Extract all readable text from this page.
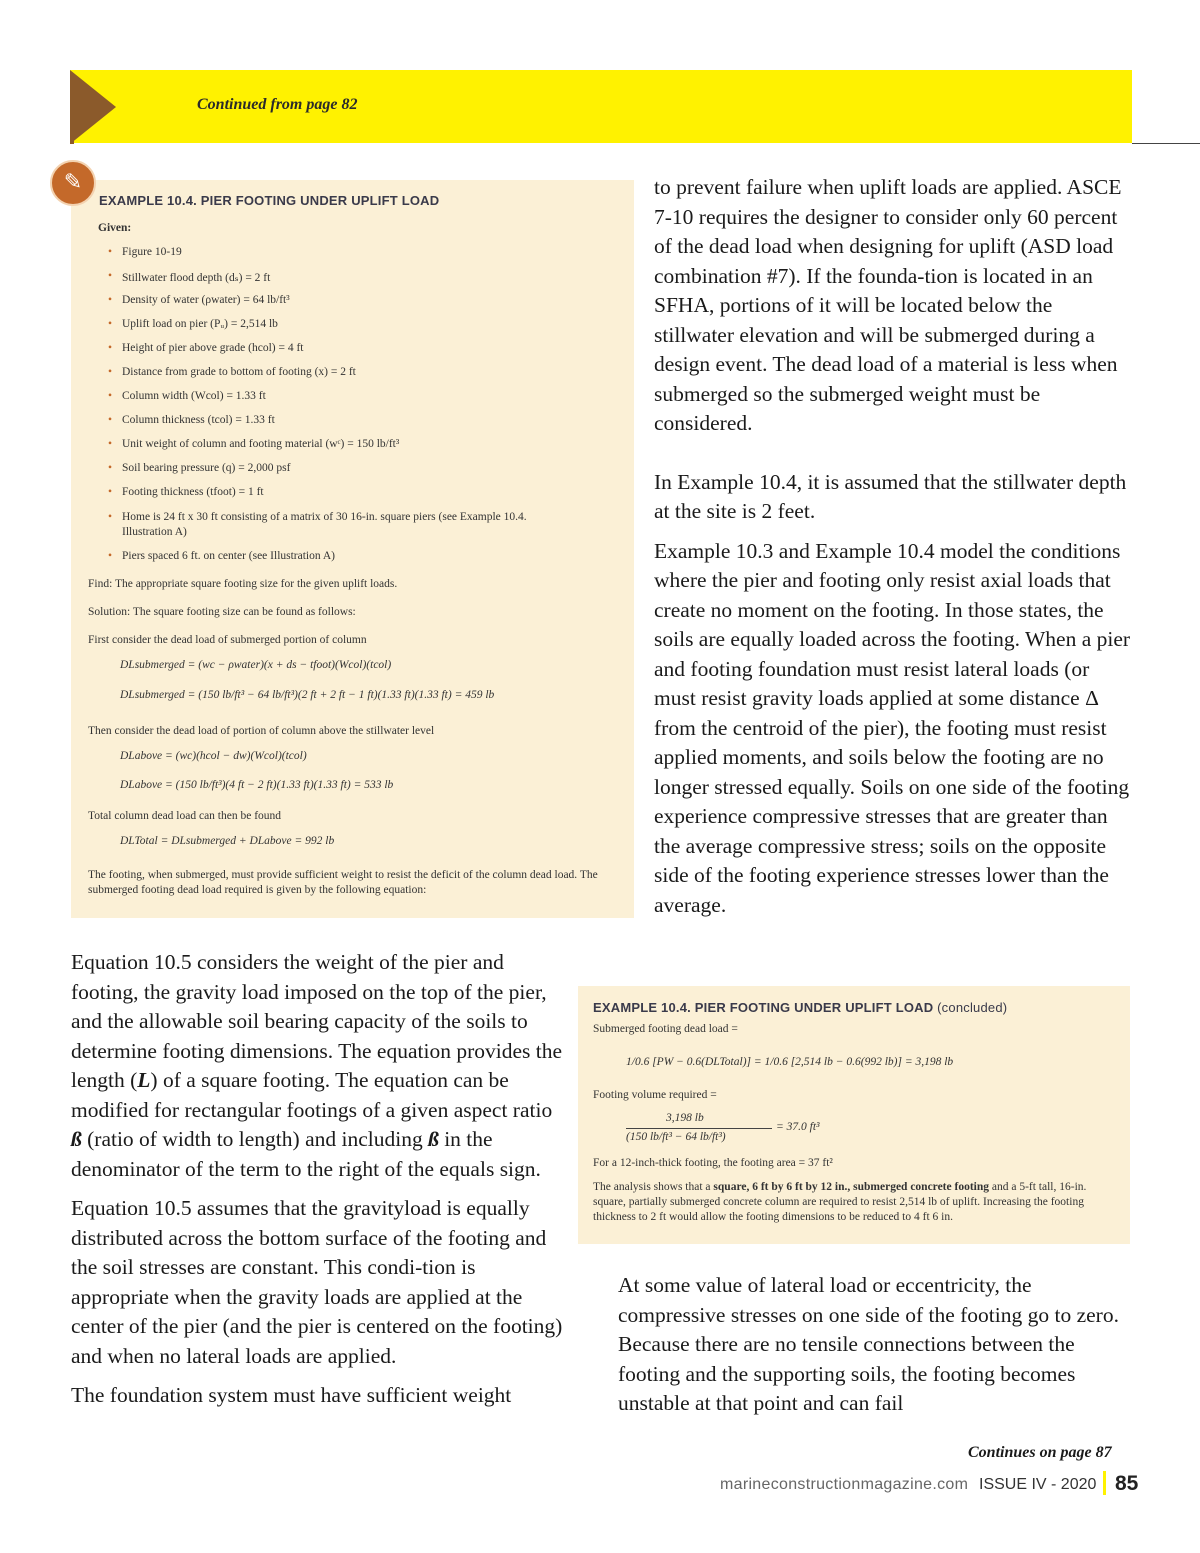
Continued from page 82
EXAMPLE 10.4. PIER FOOTING UNDER UPLIFT LOAD
Given:
• Figure 10-19
• Stillwater flood depth (dₛ) = 2 ft
• Density of water (ρwater) = 64 lb/ft³
• Uplift load on pier (Pᵤ) = 2,514 lb
• Height of pier above grade (hcol) = 4 ft
• Distance from grade to bottom of footing (x) = 2 ft
• Column width (Wcol) = 1.33 ft
• Column thickness (tcol) = 1.33 ft
• Unit weight of column and footing material (wᶜ) = 150 lb/ft³
• Soil bearing pressure (q) = 2,000 psf
• Footing thickness (tfoot) = 1 ft
• Home is 24 ft x 30 ft consisting of a matrix of 30 16-in. square piers (see Example 10.4.
Illustration A)
• Piers spaced 6 ft. on center (see Illustration A)
Find: The appropriate square footing size for the given uplift loads.
Solution: The square footing size can be found as follows:
First consider the dead load of submerged portion of column
DLsubmerged = (wc − ρwater)(x + ds − tfoot)(Wcol)(tcol)
DLsubmerged = (150 lb/ft³ − 64 lb/ft³)(2 ft + 2 ft − 1 ft)(1.33 ft)(1.33 ft) = 459 lb
Then consider the dead load of portion of column above the stillwater level
DLabove = (wc)(hcol − dw)(Wcol)(tcol)
DLabove = (150 lb/ft³)(4 ft − 2 ft)(1.33 ft)(1.33 ft) = 533 lb
Total column dead load can then be found
DLTotal = DLsubmerged + DLabove = 992 lb
The footing, when submerged, must provide sufficient weight to resist the deficit of the column dead load. The submerged footing dead load required is given by the following equation:
✎	to prevent failure when uplift loads are applied. ASCE 7-10 requires the designer to consider only 60 percent of the dead load when designing for uplift (ASD load combination #7). If the founda-tion is located in an SFHA, portions of it will be located below the stillwater elevation and will be submerged during a design event. The dead load of a material is less when submerged so the submerged weight must be considered.

In Example 10.4, it is assumed that the stillwater depth at the site is 2 feet.

Example 10.3 and Example 10.4 model the conditions where the pier and footing only resist axial loads that create no moment on the footing. In those states, the soils are equally loaded across the footing. When a pier and footing foundation must resist lateral loads (or must resist gravity loads applied at some distance Δ from the centroid of the pier), the footing must resist applied moments, and soils below the footing are no longer stressed equally. Soils on one side of the footing experience compressive stresses that are greater than the average compressive stress; soils on the opposite side of the footing experience stresses lower than the average.

Equation 10.5 considers the weight of the pier and footing, the gravity load imposed on the top of the pier, and the allowable soil bearing capacity of the soils to determine footing dimensions. The equation provides the length (L) of a square footing. The equation can be modified for rectangular footings of a given aspect ratio ß (ratio of width to length) and including ß in the denominator of the term to the right of the equals sign.

Equation 10.5 assumes that the gravityload is equally distributed across the bottom surface of the footing and the soil stresses are constant. This condi-tion is appropriate when the gravity loads are applied at the center of the pier (and the pier is centered on the footing) and when no lateral loads are applied.

The foundation system must have sufficient weight

EXAMPLE 10.4. PIER FOOTING UNDER UPLIFT LOAD (concluded)
Submerged footing dead load =
1/0.6 [PW − 0.6(DLTotal)] = 1/0.6 [2,514 lb − 0.6(992 lb)] = 3,198 lb
Footing volume required =
3,198 lb
(150 lb/ft³ − 64 lb/ft³)
= 37.0 ft³
For a 12-inch-thick footing, the footing area = 37 ft²
The analysis shows that a square, 6 ft by 6 ft by 12 in., submerged concrete footing and a 5-ft tall, 16-in. square, partially submerged concrete column are required to resist 2,514 lb of uplift. Increasing the footing thickness to 2 ft would allow the footing dimensions to be reduced to 4 ft 6 in.

At some value of lateral load or eccentricity, the compressive stresses on one side of the footing go to zero. Because there are no tensile connections between the footing and the supporting soils, the footing becomes unstable at that point and can fail

Continues on page 87
marineconstructionmagazine.com ISSUE IV - 2020 85
